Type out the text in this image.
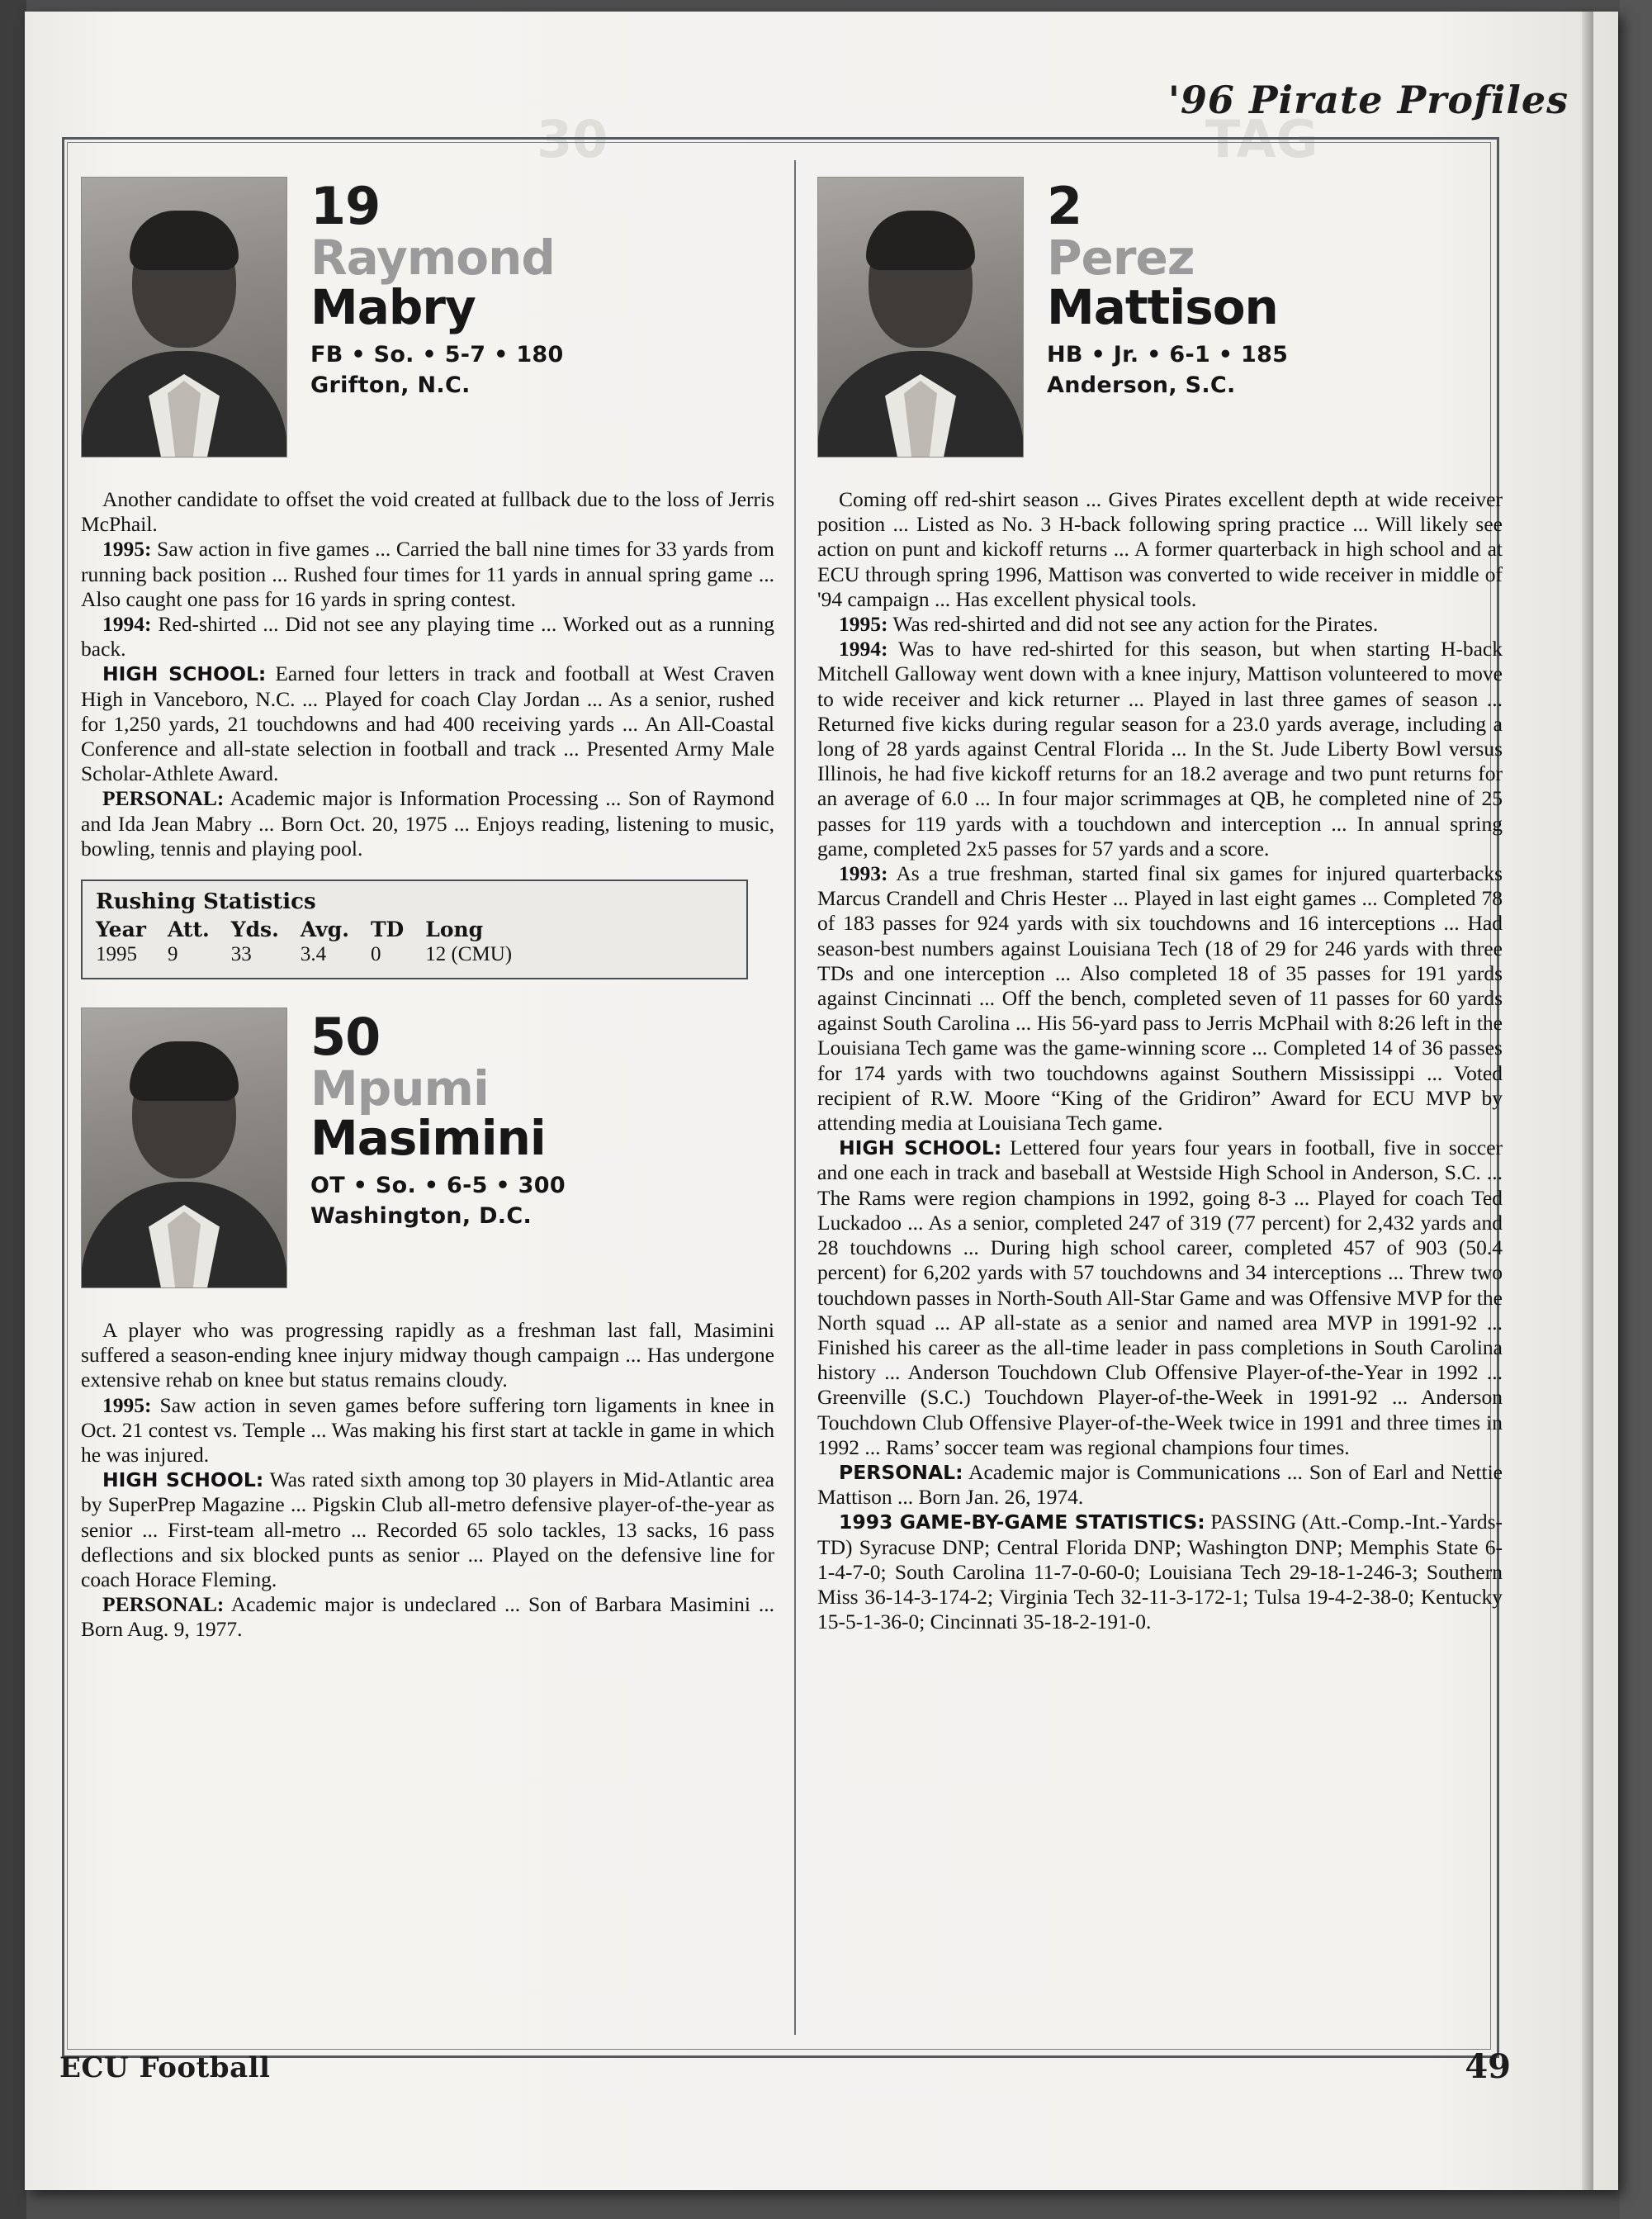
30	TAG
'96 Pirate Profiles
19
Raymond
Mabry
FB • So. • 5-7 • 180
Grifton, N.C.

Another candidate to offset the void created at fullback due to the loss of Jerris McPhail.

1995: Saw action in five games ... Carried the ball nine times for 33 yards from running back position ... Rushed four times for 11 yards in annual spring game ... Also caught one pass for 16 yards in spring contest.

1994: Red-shirted ... Did not see any playing time ... Worked out as a running back.

HIGH SCHOOL: Earned four letters in track and football at West Craven High in Vanceboro, N.C. ... Played for coach Clay Jordan ... As a senior, rushed for 1,250 yards, 21 touchdowns and had 400 receiving yards ... An All-Coastal Conference and all-state selection in football and track ... Presented Army Male Scholar-Athlete Award.

PERSONAL: Academic major is Information Processing ... Son of Raymond and Ida Jean Mabry ... Born Oct. 20, 1975 ... Enjoys reading, listening to music, bowling, tennis and playing pool.

Rushing Statistics
Year	Att.	Yds.	Avg.	TD	Long
1995	9	33	3.4	0	12 (CMU)
50
Mpumi
Masimini
OT • So. • 6-5 • 300
Washington, D.C.

A player who was progressing rapidly as a freshman last fall, Masimini suffered a season-ending knee injury midway though campaign ... Has undergone extensive rehab on knee but status remains cloudy.

1995: Saw action in seven games before suffering torn ligaments in knee in Oct. 21 contest vs. Temple ... Was making his first start at tackle in game in which he was injured.

HIGH SCHOOL: Was rated sixth among top 30 players in Mid-Atlantic area by SuperPrep Magazine ... Pigskin Club all-metro defensive player-of-the-year as senior ... First-team all-metro ... Recorded 65 solo tackles, 13 sacks, 16 pass deflections and six blocked punts as senior ... Played on the defensive line for coach Horace Fleming.

PERSONAL: Academic major is undeclared ... Son of Barbara Masimini ... Born Aug. 9, 1977.

2
Perez
Mattison
HB • Jr. • 6-1 • 185
Anderson, S.C.

Coming off red-shirt season ... Gives Pirates excellent depth at wide receiver position ... Listed as No. 3 H-back following spring practice ... Will likely see action on punt and kickoff returns ... A former quarterback in high school and at ECU through spring 1996, Mattison was converted to wide receiver in middle of '94 campaign ... Has excellent physical tools.

1995: Was red-shirted and did not see any action for the Pirates.

1994: Was to have red-shirted for this season, but when starting H-back Mitchell Galloway went down with a knee injury, Mattison volunteered to move to wide receiver and kick returner ... Played in last three games of season ... Returned five kicks during regular season for a 23.0 yards average, including a long of 28 yards against Central Florida ... In the St. Jude Liberty Bowl versus Illinois, he had five kickoff returns for an 18.2 average and two punt returns for an average of 6.0 ... In four major scrimmages at QB, he completed nine of 25 passes for 119 yards with a touchdown and interception ... In annual spring game, completed 2x5 passes for 57 yards and a score.

1993: As a true freshman, started final six games for injured quarterbacks Marcus Crandell and Chris Hester ... Played in last eight games ... Completed 78 of 183 passes for 924 yards with six touchdowns and 16 interceptions ... Had season-best numbers against Louisiana Tech (18 of 29 for 246 yards with three TDs and one interception ... Also completed 18 of 35 passes for 191 yards against Cincinnati ... Off the bench, completed seven of 11 passes for 60 yards against South Carolina ... His 56-yard pass to Jerris McPhail with 8:26 left in the Louisiana Tech game was the game-winning score ... Completed 14 of 36 passes for 174 yards with two touchdowns against Southern Mississippi ... Voted recipient of R.W. Moore “King of the Gridiron” Award for ECU MVP by attending media at Louisiana Tech game.

HIGH SCHOOL: Lettered four years four years in football, five in soccer and one each in track and baseball at Westside High School in Anderson, S.C. ... The Rams were region champions in 1992, going 8-3 ... Played for coach Ted Luckadoo ... As a senior, completed 247 of 319 (77 percent) for 2,432 yards and 28 touchdowns ... During high school career, completed 457 of 903 (50.4 percent) for 6,202 yards with 57 touchdowns and 34 interceptions ... Threw two touchdown passes in North-South All-Star Game and was Offensive MVP for the North squad ... AP all-state as a senior and named area MVP in 1991-92 ... Finished his career as the all-time leader in pass completions in South Carolina history ... Anderson Touchdown Club Offensive Player-of-the-Year in 1992 ... Greenville (S.C.) Touchdown Player-of-the-Week in 1991-92 ... Anderson Touchdown Club Offensive Player-of-the-Week twice in 1991 and three times in 1992 ... Rams’ soccer team was regional champions four times.

PERSONAL: Academic major is Communications ... Son of Earl and Nettie Mattison ... Born Jan. 26, 1974.

1993 GAME-BY-GAME STATISTICS: PASSING (Att.-Comp.-Int.-Yards-TD) Syracuse DNP; Central Florida DNP; Washington DNP; Memphis State 6-1-4-7-0; South Carolina 11-7-0-60-0; Louisiana Tech 29-18-1-246-3; Southern Miss 36-14-3-174-2; Virginia Tech 32-11-3-172-1; Tulsa 19-4-2-38-0; Kentucky 15-5-1-36-0; Cincinnati 35-18-2-191-0.

ECU Football	49
